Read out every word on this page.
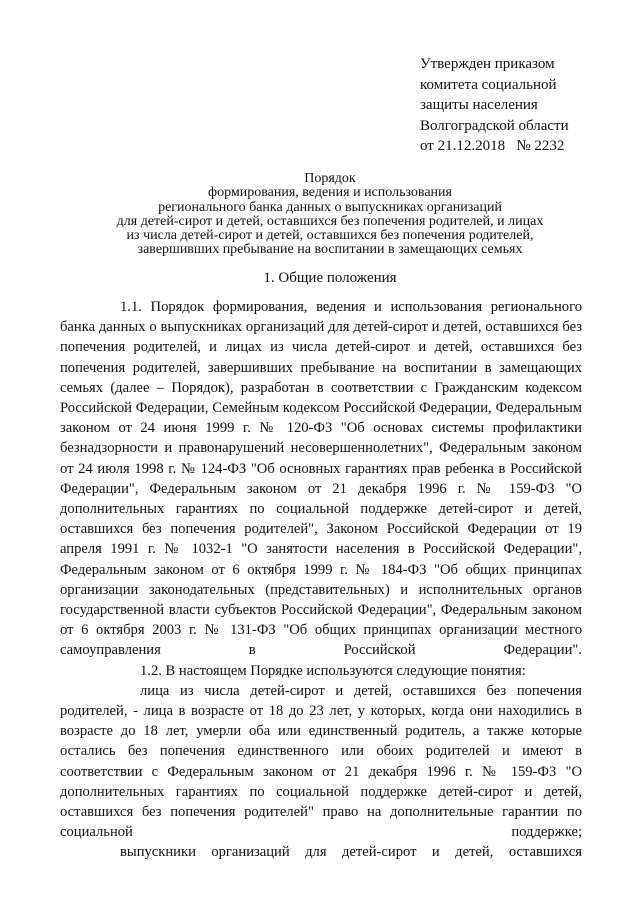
Утвержден приказом
комитета социальной
защиты населения
Волгоградской области
от 21.12.2018   № 2232
Порядок
формирования, ведения и использования
регионального банка данных о выпускниках организаций
для детей-сирот и детей, оставшихся без попечения родителей, и лицах
из числа детей-сирот и детей, оставшихся без попечения родителей,
завершивших пребывание на воспитании в замещающих семьях
1. Общие положения

1.1. Порядок формирования, ведения и использования регионального банка данных о выпускниках организаций для детей-сирот и детей, оставшихся без попечения родителей, и лицах из числа детей-сирот и детей, оставшихся без попечения родителей, завершивших пребывание на воспитании в замещающих семьях (далее – Порядок), разработан в соответствии с Гражданским кодексом Российской Федерации, Семейным кодексом Российской Федерации, Федеральным законом от 24 июня 1999 г. № 120-ФЗ "Об основах системы профилактики безнадзорности и правонарушений несовершеннолетних", Федеральным законом от 24 июля 1998 г. № 124-ФЗ "Об основных гарантиях прав ребенка в Российской Федерации", Федеральным законом от 21 декабря 1996 г. № 159-ФЗ "О дополнительных гарантиях по социальной поддержке детей-сирот и детей, оставшихся без попечения родителей", Законом Российской Федерации от 19 апреля 1991 г. № 1032-1 "О занятости населения в Российской Федерации", Федеральным законом от 6 октября 1999 г. № 184-ФЗ "Об общих принципах организации законодательных (представительных) и исполнительных органов государственной власти субъектов Российской Федерации", Федеральным законом от 6 октября 2003 г. № 131-ФЗ "Об общих принципах организации местного самоуправления в Российской Федерации".

1.2. В настоящем Порядке используются следующие понятия:

лица из числа детей-сирот и детей, оставшихся без попечения родителей, - лица в возрасте от 18 до 23 лет, у которых, когда они находились в возрасте до 18 лет, умерли оба или единственный родитель, а также которые остались без попечения единственного или обоих родителей и имеют в соответствии с Федеральным законом от 21 декабря 1996 г. № 159-ФЗ "О дополнительных гарантиях по социальной поддержке детей-сирот и детей, оставшихся без попечения родителей" право на дополнительные гарантии по социальной поддержке;

выпускники организаций для детей-сирот и детей, оставшихся
